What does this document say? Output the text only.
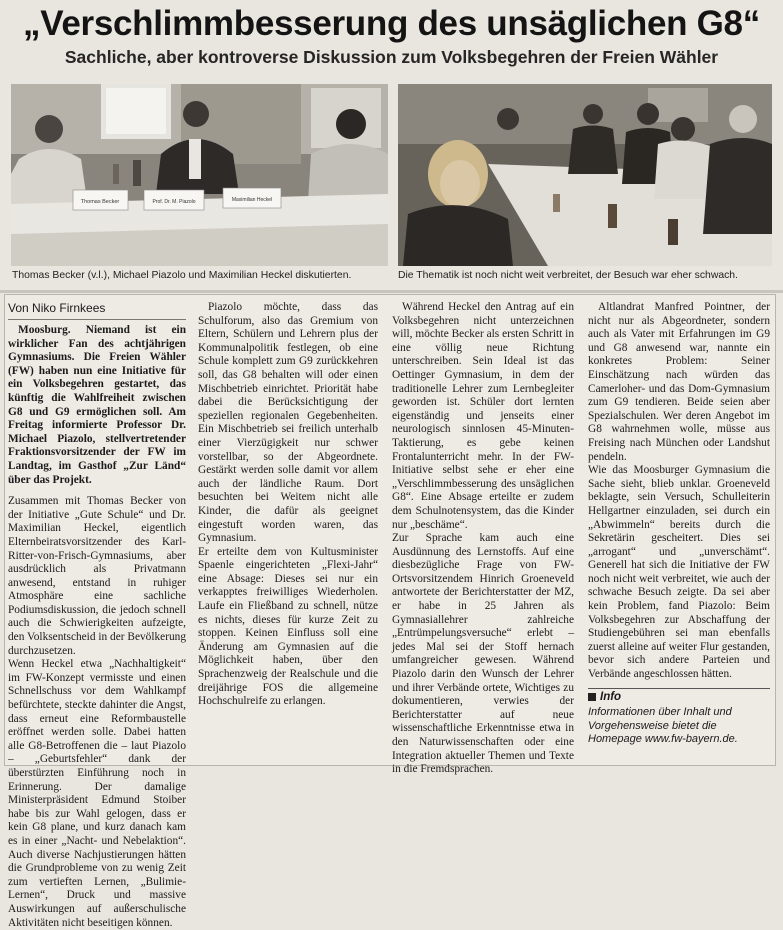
„Verschlimmbesserung des unsäglichen G8“
Sachliche, aber kontroverse Diskussion zum Volksbegehren der Freien Wähler
Thomas Becker	Prof. Dr. M. Piazolo	Maximilian Heckel
Thomas Becker (v.l.), Michael Piazolo und Maximilian Heckel diskutierten.	Die Thematik ist noch nicht weit verbreitet, der Besuch war eher schwach.
Von Niko Firnkees

Moosburg. Niemand ist ein wirklicher Fan des achtjährigen Gymnasiums. Die Freien Wähler (FW) haben nun eine Initiative für ein Volksbegehren gestartet, das künftig die Wahlfreiheit zwischen G8 und G9 ermöglichen soll. Am Freitag informierte Professor Dr. Michael Piazolo, stellvertretender Fraktionsvorsitzender der FW im Landtag, im Gasthof „Zur Länd“ über das Projekt.

Zusammen mit Thomas Becker von der Initiative „Gute Schule“ und Dr. Maximilian Heckel, eigentlich Elternbeiratsvorsitzender des Karl-Ritter-von-Frisch-Gymnasiums, aber ausdrücklich als Privatmann anwesend, entstand in ruhiger Atmosphäre eine sachliche Podiumsdiskussion, die jedoch schnell auch die Schwierigkeiten aufzeigte, den Volksentscheid in der Bevölkerung durchzusetzen.

Wenn Heckel etwa „Nachhaltigkeit“ im FW-Konzept vermisste und einen Schnellschuss vor dem Wahlkampf befürchtete, steckte dahinter die Angst, dass erneut eine Reformbaustelle eröffnet werden solle. Dabei hatten alle G8-Betroffenen die – laut Piazolo – „Geburtsfehler“ dank der überstürzten Einführung noch in Erinnerung. Der damalige Ministerpräsident Edmund Stoiber habe bis zur Wahl gelogen, dass er kein G8 plane, und kurz danach kam es in einer „Nacht- und Nebelaktion“. Auch diverse Nachjustierungen hätten die Grundprobleme von zu wenig Zeit zum vertieften Lernen, „Bulimie-Lernen“, Druck und massive Auswirkungen auf außerschulische Aktivitäten nicht beseitigen können.

Piazolo möchte, dass das Schulforum, also das Gremium von Eltern, Schülern und Lehrern plus der Kommunalpolitik festlegen, ob eine Schule komplett zum G9 zurückkehren soll, das G8 behalten will oder einen Mischbetrieb einrichtet. Priorität habe dabei die Berücksichtigung der speziellen regionalen Gegebenheiten. Ein Mischbetrieb sei freilich unterhalb einer Vierzügigkeit nur schwer vorstellbar, so der Abgeordnete. Gestärkt werden solle damit vor allem auch der ländliche Raum. Dort besuchten bei Weitem nicht alle Kinder, die dafür als geeignet eingestuft worden waren, das Gymnasium.

Er erteilte dem von Kultusminister Spaenle eingerichteten „Flexi-Jahr“ eine Absage: Dieses sei nur ein verkapptes freiwilliges Wiederholen. Laufe ein Fließband zu schnell, nütze es nichts, dieses für kurze Zeit zu stoppen. Keinen Einfluss soll eine Änderung am Gymnasien auf die Möglichkeit haben, über den Sprachenzweig der Realschule und die dreijährige FOS die allgemeine Hochschulreife zu erlangen.

Während Heckel den Antrag auf ein Volksbegehren nicht unterzeichnen will, möchte Becker als ersten Schritt in eine völlig neue Richtung unterschreiben. Sein Ideal ist das Oettinger Gymnasium, in dem der traditionelle Lehrer zum Lernbegleiter geworden ist. Schüler dort lernten eigenständig und jenseits einer neurologisch sinnlosen 45-Minuten-Taktierung, es gebe keinen Frontalunterricht mehr. In der FW-Initiative selbst sehe er eher eine „Verschlimmbesserung des unsäglichen G8“. Eine Absage erteilte er zudem dem Schulnotensystem, das die Kinder nur „beschäme“.

Zur Sprache kam auch eine Ausdünnung des Lernstoffs. Auf eine diesbezügliche Frage von FW-Ortsvorsitzendem Hinrich Groeneveld antwortete der Berichterstatter der MZ, er habe in 25 Jahren als Gymnasiallehrer zahlreiche „Entrümpelungsversuche“ erlebt – jedes Mal sei der Stoff hernach umfangreicher gewesen. Während Piazolo darin den Wunsch der Lehrer und ihrer Verbände ortete, Wichtiges zu dokumentieren, verwies der Berichterstatter auf neue wissenschaftliche Erkenntnisse etwa in den Naturwissenschaften oder eine Integration aktueller Themen und Texte in die Fremdsprachen.

Altlandrat Manfred Pointner, der nicht nur als Abgeordneter, sondern auch als Vater mit Erfahrungen im G9 und G8 anwesend war, nannte ein konkretes Problem: Seiner Einschätzung nach würden das Camerloher- und das Dom-Gymnasium zum G9 tendieren. Beide seien aber Spezialschulen. Wer deren Angebot im G8 wahrnehmen wolle, müsse aus Freising nach München oder Landshut pendeln.

Wie das Moosburger Gymnasium die Sache sieht, blieb unklar. Groeneveld beklagte, sein Versuch, Schulleiterin Hellgartner einzuladen, sei durch ein „Abwimmeln“ bereits durch die Sekretärin gescheitert. Dies sei „arrogant“ und „unverschämt“. Generell hat sich die Initiative der FW noch nicht weit verbreitet, wie auch der schwache Besuch zeigte. Da sei aber kein Problem, fand Piazolo: Beim Volksbegehren zur Abschaffung der Studiengebühren sei man ebenfalls zuerst alleine auf weiter Flur gestanden, bevor sich andere Parteien und Verbände angeschlossen hätten.

Info
Informationen über Inhalt und Vorgehensweise bietet die Homepage www.fw-bayern.de.
